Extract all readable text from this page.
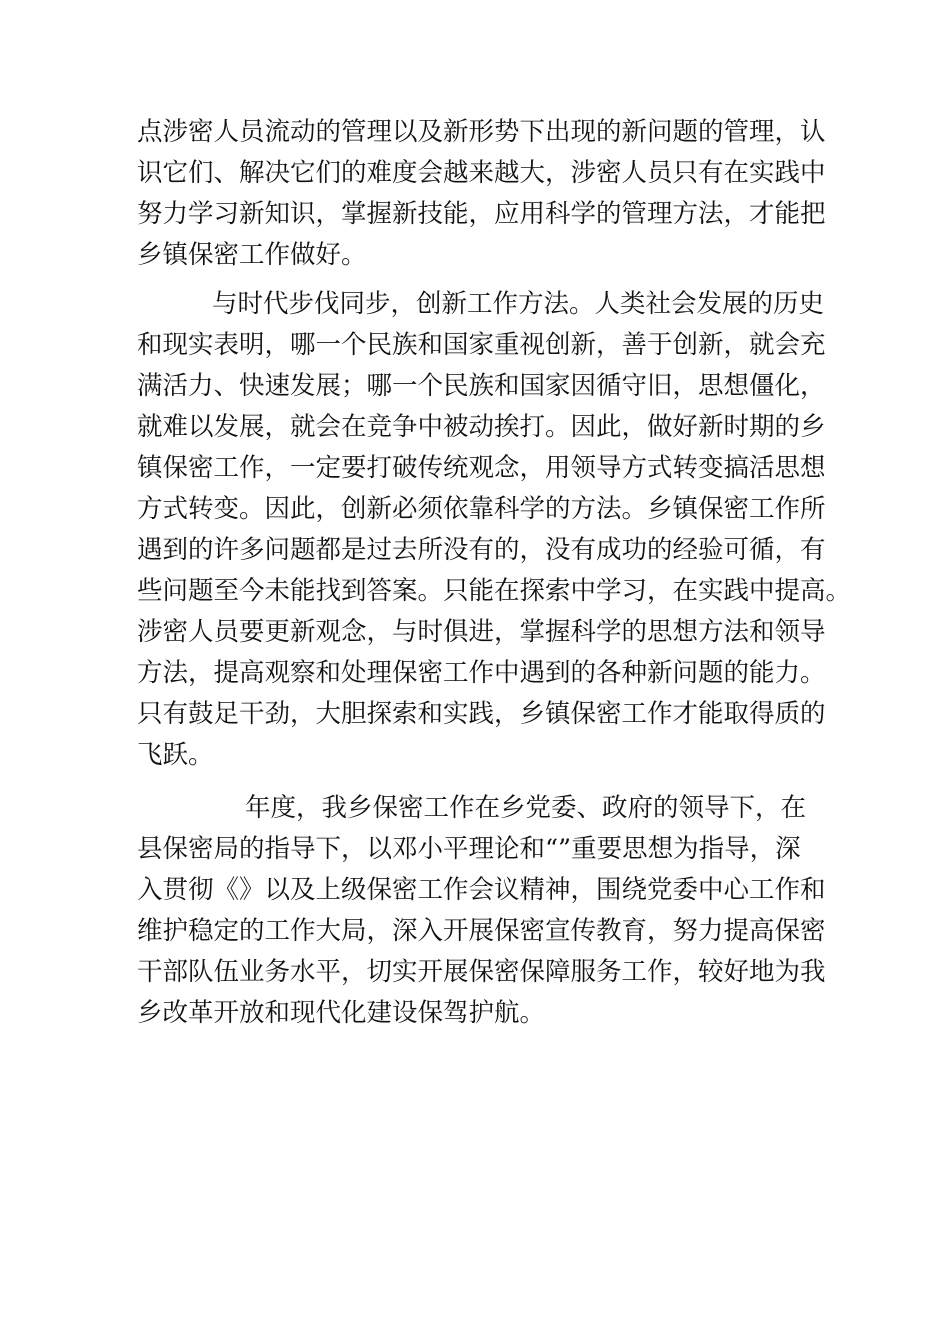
点涉密人员流动的管理以及新形势下出现的新问题的管理，认

识它们、解决它们的难度会越来越大，涉密人员只有在实践中

努力学习新知识，掌握新技能，应用科学的管理方法，才能把

乡镇保密工作做好。

与时代步伐同步，创新工作方法。人类社会发展的历史

和现实表明，哪一个民族和国家重视创新，善于创新，就会充

满活力、快速发展；哪一个民族和国家因循守旧，思想僵化，

就难以发展，就会在竞争中被动挨打。因此，做好新时期的乡

镇保密工作，一定要打破传统观念，用领导方式转变搞活思想

方式转变。因此，创新必须依靠科学的方法。乡镇保密工作所

遇到的许多问题都是过去所没有的，没有成功的经验可循，有

些问题至今未能找到答案。只能在探索中学习，在实践中提高。

涉密人员要更新观念，与时俱进，掌握科学的思想方法和领导

方法，提高观察和处理保密工作中遇到的各种新问题的能力。

只有鼓足干劲，大胆探索和实践，乡镇保密工作才能取得质的

飞跃。

年度，我乡保密工作在乡党委、政府的领导下，在

县保密局的指导下，以邓小平理论和“”重要思想为指导，深

入贯彻《》以及上级保密工作会议精神，围绕党委中心工作和

维护稳定的工作大局，深入开展保密宣传教育，努力提高保密

干部队伍业务水平，切实开展保密保障服务工作，较好地为我

乡改革开放和现代化建设保驾护航。
